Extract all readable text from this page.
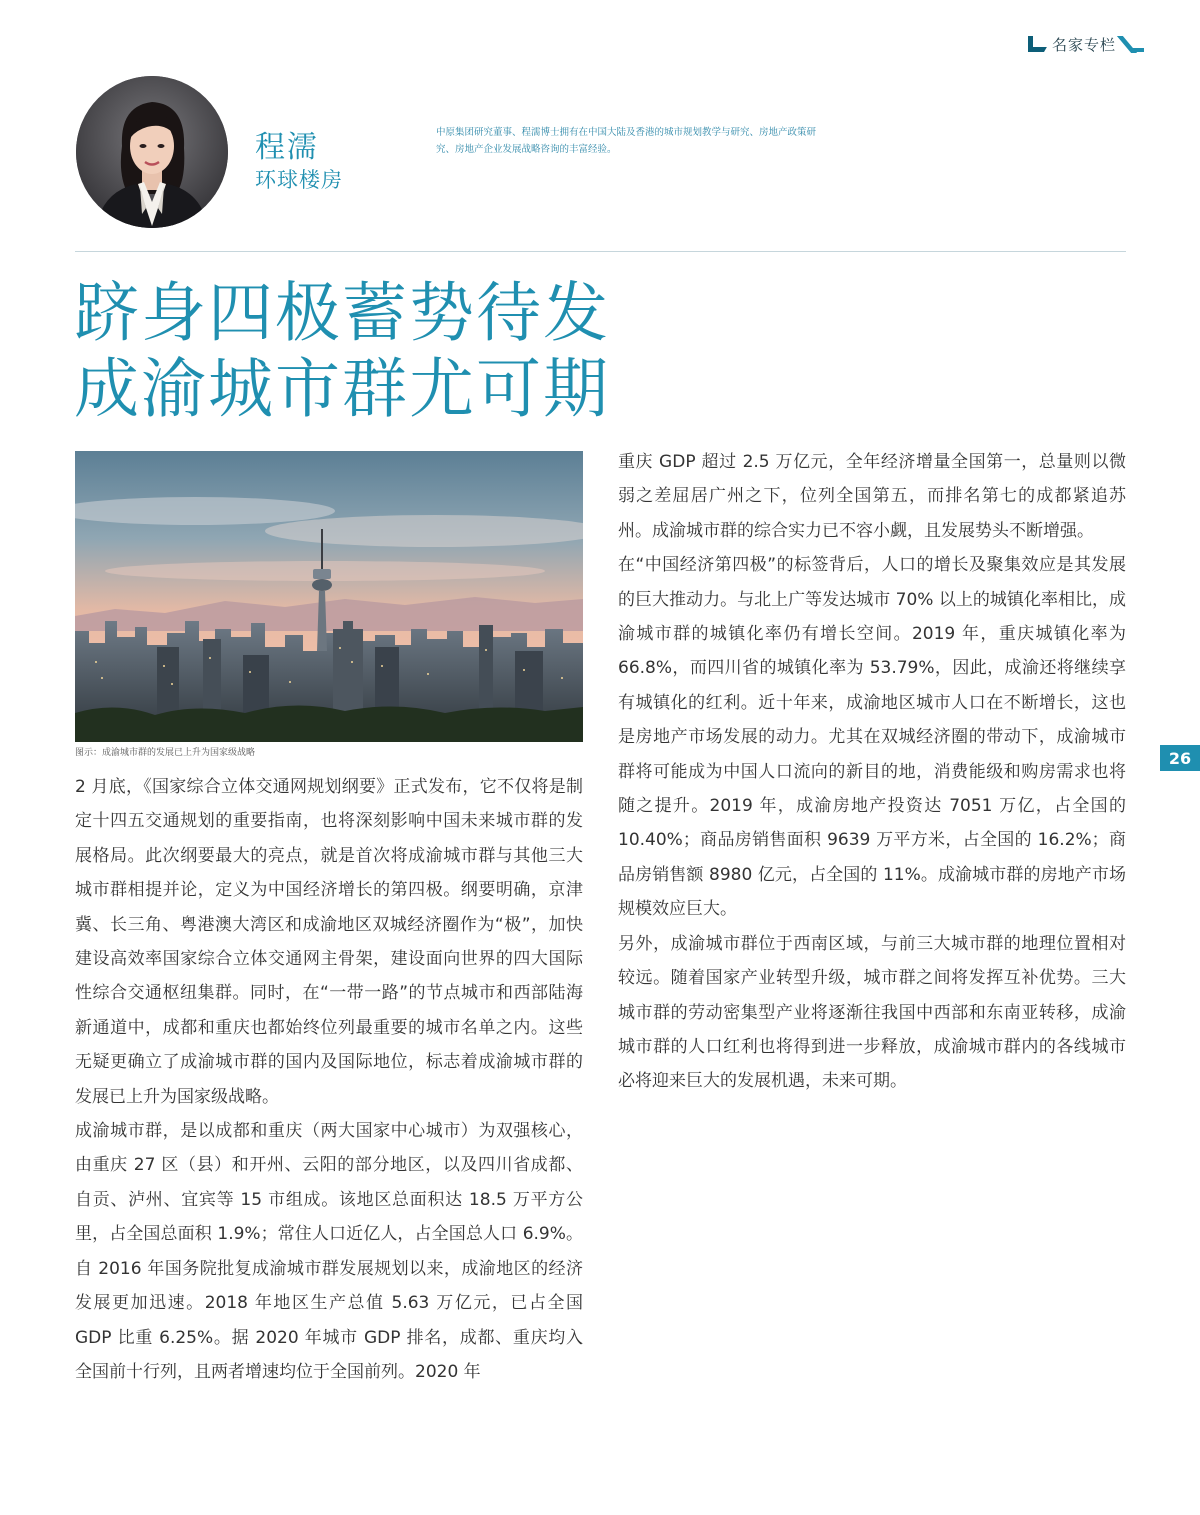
名家专栏
程濡
环球楼房
中原集团研究董事、程濡博士拥有在中国大陆及香港的城市规划教学与研究、房地产政策研究、房地产企业发展战略咨询的丰富经验。
跻身四极蓄势待发
成渝城市群尤可期
图示：成渝城市群的发展已上升为国家级战略

2 月底，《国家综合立体交通网规划纲要》正式发布，它不仅将是制定十四五交通规划的重要指南，也将深刻影响中国未来城市群的发展格局。此次纲要最大的亮点，就是首次将成渝城市群与其他三大城市群相提并论，定义为中国经济增长的第四极。纲要明确，京津冀、长三角、粤港澳大湾区和成渝地区双城经济圈作为“极”，加快建设高效率国家综合立体交通网主骨架，建设面向世界的四大国际性综合交通枢纽集群。同时，在“一带一路”的节点城市和西部陆海新通道中，成都和重庆也都始终位列最重要的城市名单之内。这些无疑更确立了成渝城市群的国内及国际地位，标志着成渝城市群的发展已上升为国家级战略。

成渝城市群，是以成都和重庆（两大国家中心城市）为双强核心，由重庆 27 区（县）和开州、云阳的部分地区，以及四川省成都、自贡、泸州、宜宾等 15 市组成。该地区总面积达 18.5 万平方公里，占全国总面积 1.9%；常住人口近亿人，占全国总人口 6.9%。自 2016 年国务院批复成渝城市群发展规划以来，成渝地区的经济发展更加迅速。2018 年地区生产总值 5.63 万亿元，已占全国 GDP 比重 6.25%。据 2020 年城市 GDP 排名，成都、重庆均入全国前十行列，且两者增速均位于全国前列。2020 年

重庆 GDP 超过 2.5 万亿元，全年经济增量全国第一，总量则以微弱之差屈居广州之下，位列全国第五，而排名第七的成都紧追苏州。成渝城市群的综合实力已不容小觑，且发展势头不断增强。

在“中国经济第四极”的标签背后，人口的增长及聚集效应是其发展的巨大推动力。与北上广等发达城市 70% 以上的城镇化率相比，成渝城市群的城镇化率仍有增长空间。2019 年，重庆城镇化率为 66.8%，而四川省的城镇化率为 53.79%，因此，成渝还将继续享有城镇化的红利。近十年来，成渝地区城市人口在不断增长，这也是房地产市场发展的动力。尤其在双城经济圈的带动下，成渝城市群将可能成为中国人口流向的新目的地，消费能级和购房需求也将随之提升。2019 年，成渝房地产投资达 7051 万亿，占全国的 10.40%；商品房销售面积 9639 万平方米，占全国的 16.2%；商品房销售额 8980 亿元，占全国的 11%。成渝城市群的房地产市场规模效应巨大。

另外，成渝城市群位于西南区域，与前三大城市群的地理位置相对较远。随着国家产业转型升级，城市群之间将发挥互补优势。三大城市群的劳动密集型产业将逐渐往我国中西部和东南亚转移，成渝城市群的人口红利也将得到进一步释放，成渝城市群内的各线城市必将迎来巨大的发展机遇，未来可期。

26
